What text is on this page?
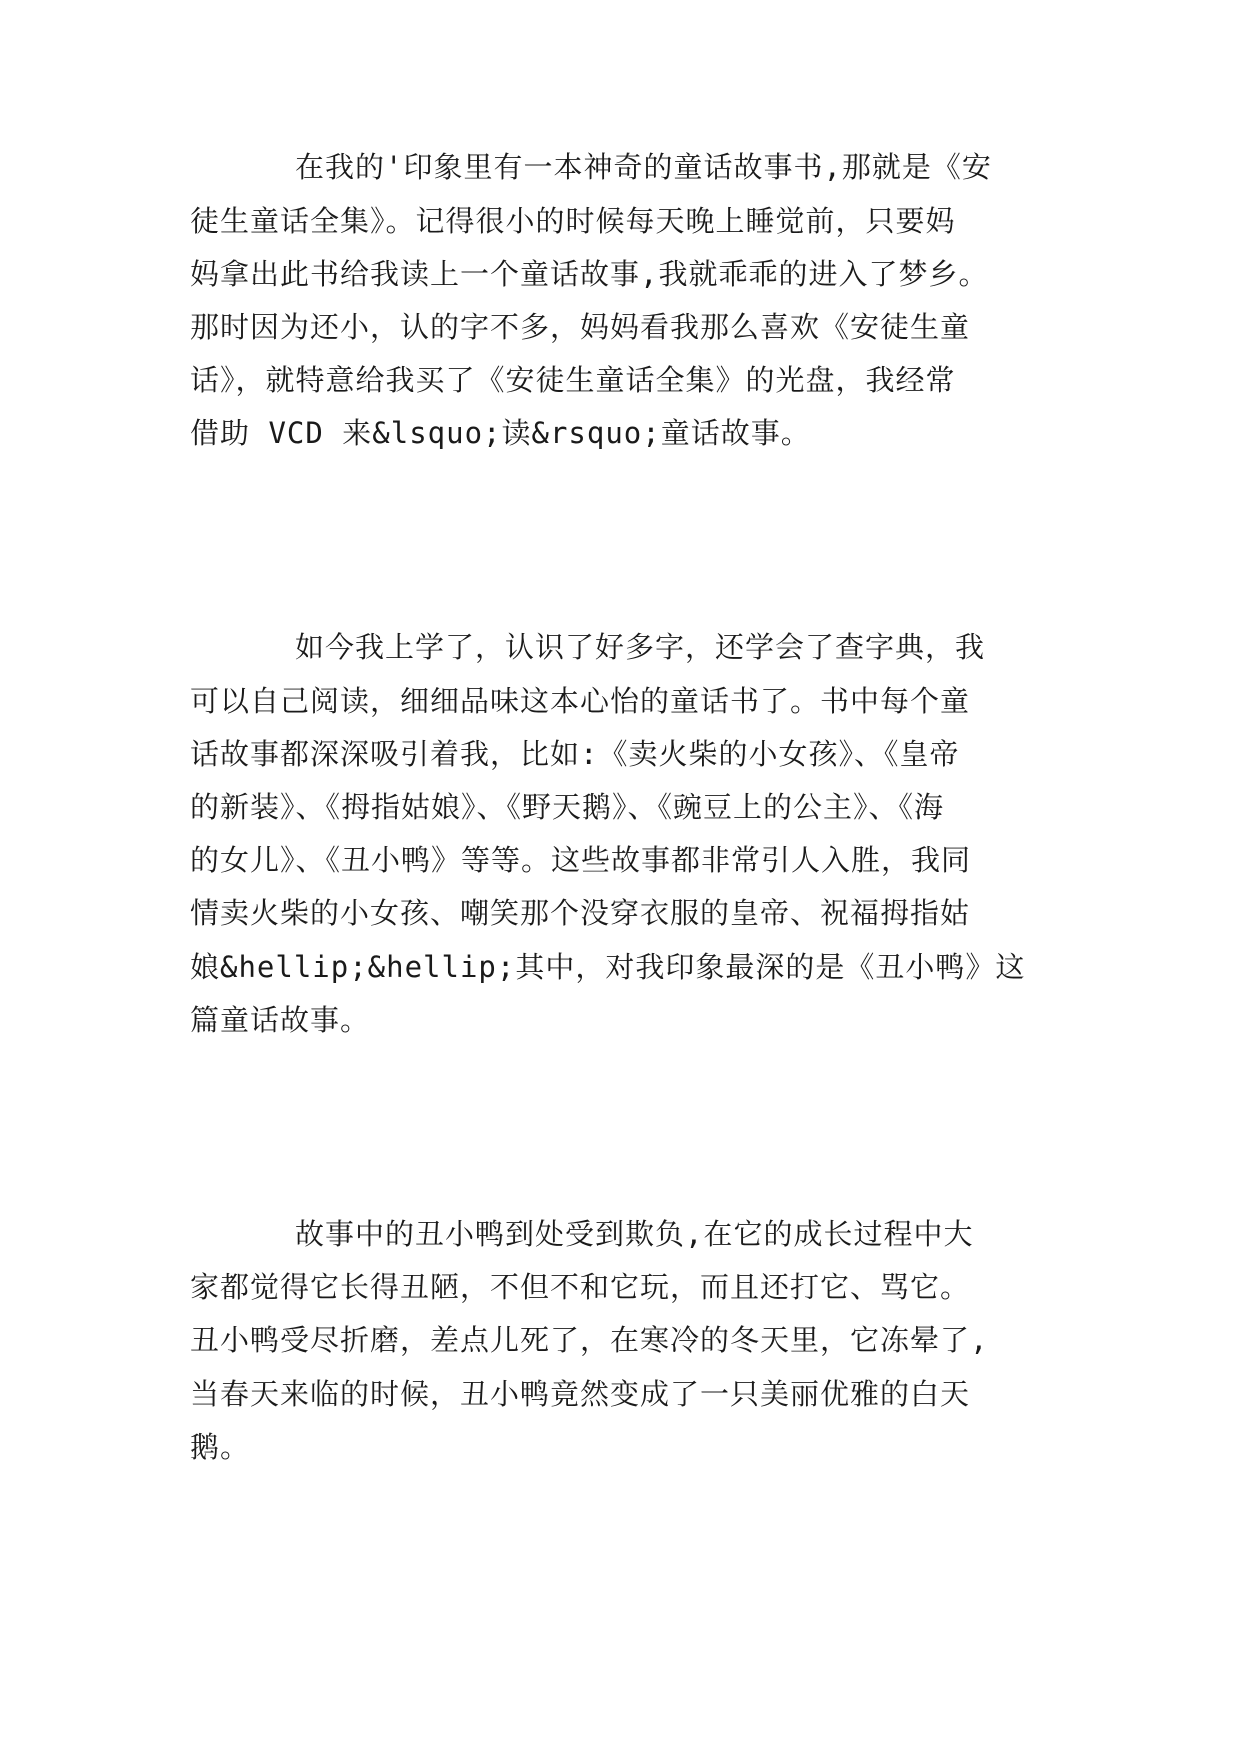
在我的'印象里有一本神奇的童话故事书,那就是《安
徒生童话全集》。记得很小的时候每天晚上睡觉前，只要妈
妈拿出此书给我读上一个童话故事,我就乖乖的进入了梦乡。
那时因为还小，认的字不多，妈妈看我那么喜欢《安徒生童
话》，就特意给我买了《安徒生童话全集》的光盘，我经常
借助 VCD 来&lsquo;读&rsquo;童话故事。
如今我上学了，认识了好多字，还学会了查字典，我
可以自己阅读，细细品味这本心怡的童话书了。书中每个童
话故事都深深吸引着我，比如:《卖火柴的小女孩》、《皇帝
的新装》、《拇指姑娘》、《野天鹅》、《豌豆上的公主》、《海
的女儿》、《丑小鸭》等等。这些故事都非常引人入胜，我同
情卖火柴的小女孩、嘲笑那个没穿衣服的皇帝、祝福拇指姑
娘&hellip;&hellip;其中，对我印象最深的是《丑小鸭》这
篇童话故事。
故事中的丑小鸭到处受到欺负,在它的成长过程中大
家都觉得它长得丑陋，不但不和它玩，而且还打它、骂它。
丑小鸭受尽折磨，差点儿死了，在寒冷的冬天里，它冻晕了,
当春天来临的时候，丑小鸭竟然变成了一只美丽优雅的白天
鹅。
